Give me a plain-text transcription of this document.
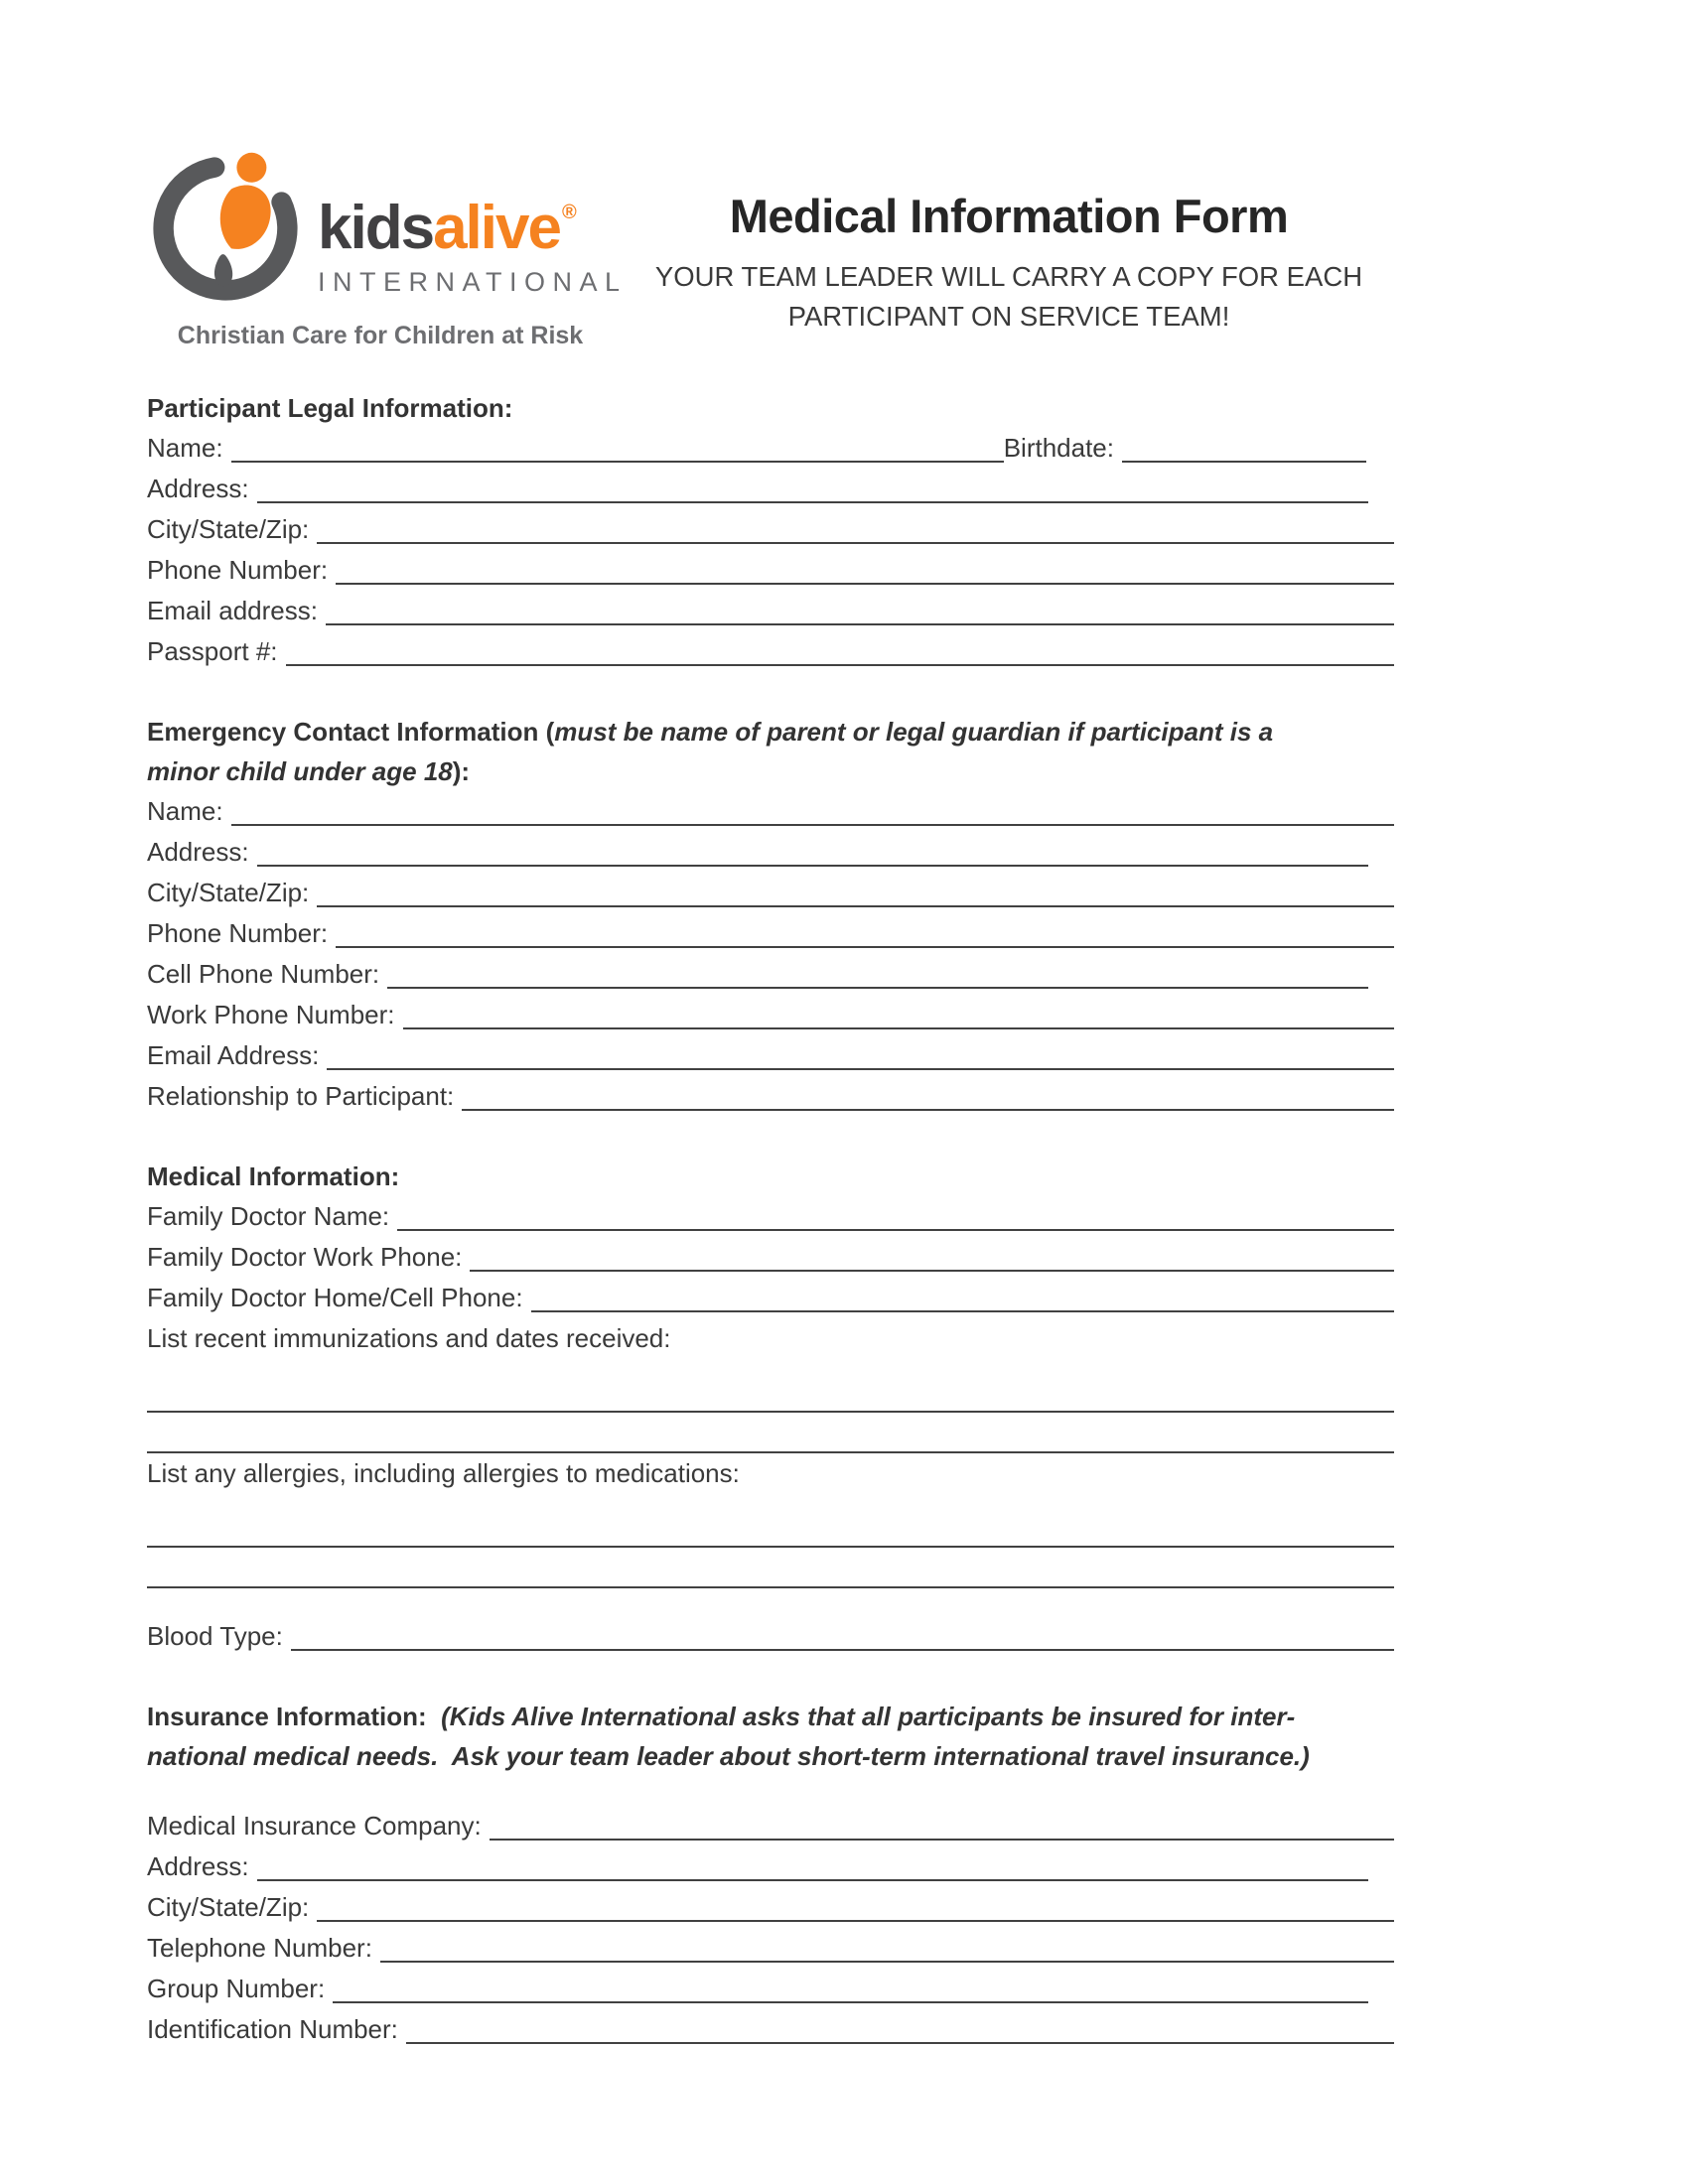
kidsalive ®
INTERNATIONAL
Christian Care for Children at Risk
Medical Information Form
YOUR TEAM LEADER WILL CARRY A COPY FOR EACH
PARTICIPANT ON SERVICE TEAM!
Participant Legal Information:
Name:	Birthdate:
Address:
City/State/Zip:
Phone Number:
Email address:
Passport #:
Emergency Contact Information (must be name of parent or legal guardian if participant is a
minor child under age 18):
Name:
Address:
City/State/Zip:
Phone Number:
Cell Phone Number:
Work Phone Number:
Email Address:
Relationship to Participant:
Medical Information:
Family Doctor Name:
Family Doctor Work Phone:
Family Doctor Home/Cell Phone:
List recent immunizations and dates received:
List any allergies, including allergies to medications:
Blood Type:
Insurance Information:  (Kids Alive International asks that all participants be insured for inter-
national medical needs.  Ask your team leader about short-term international travel insurance.)
Medical Insurance Company:
Address:
City/State/Zip:
Telephone Number:
Group Number:
Identification Number:
